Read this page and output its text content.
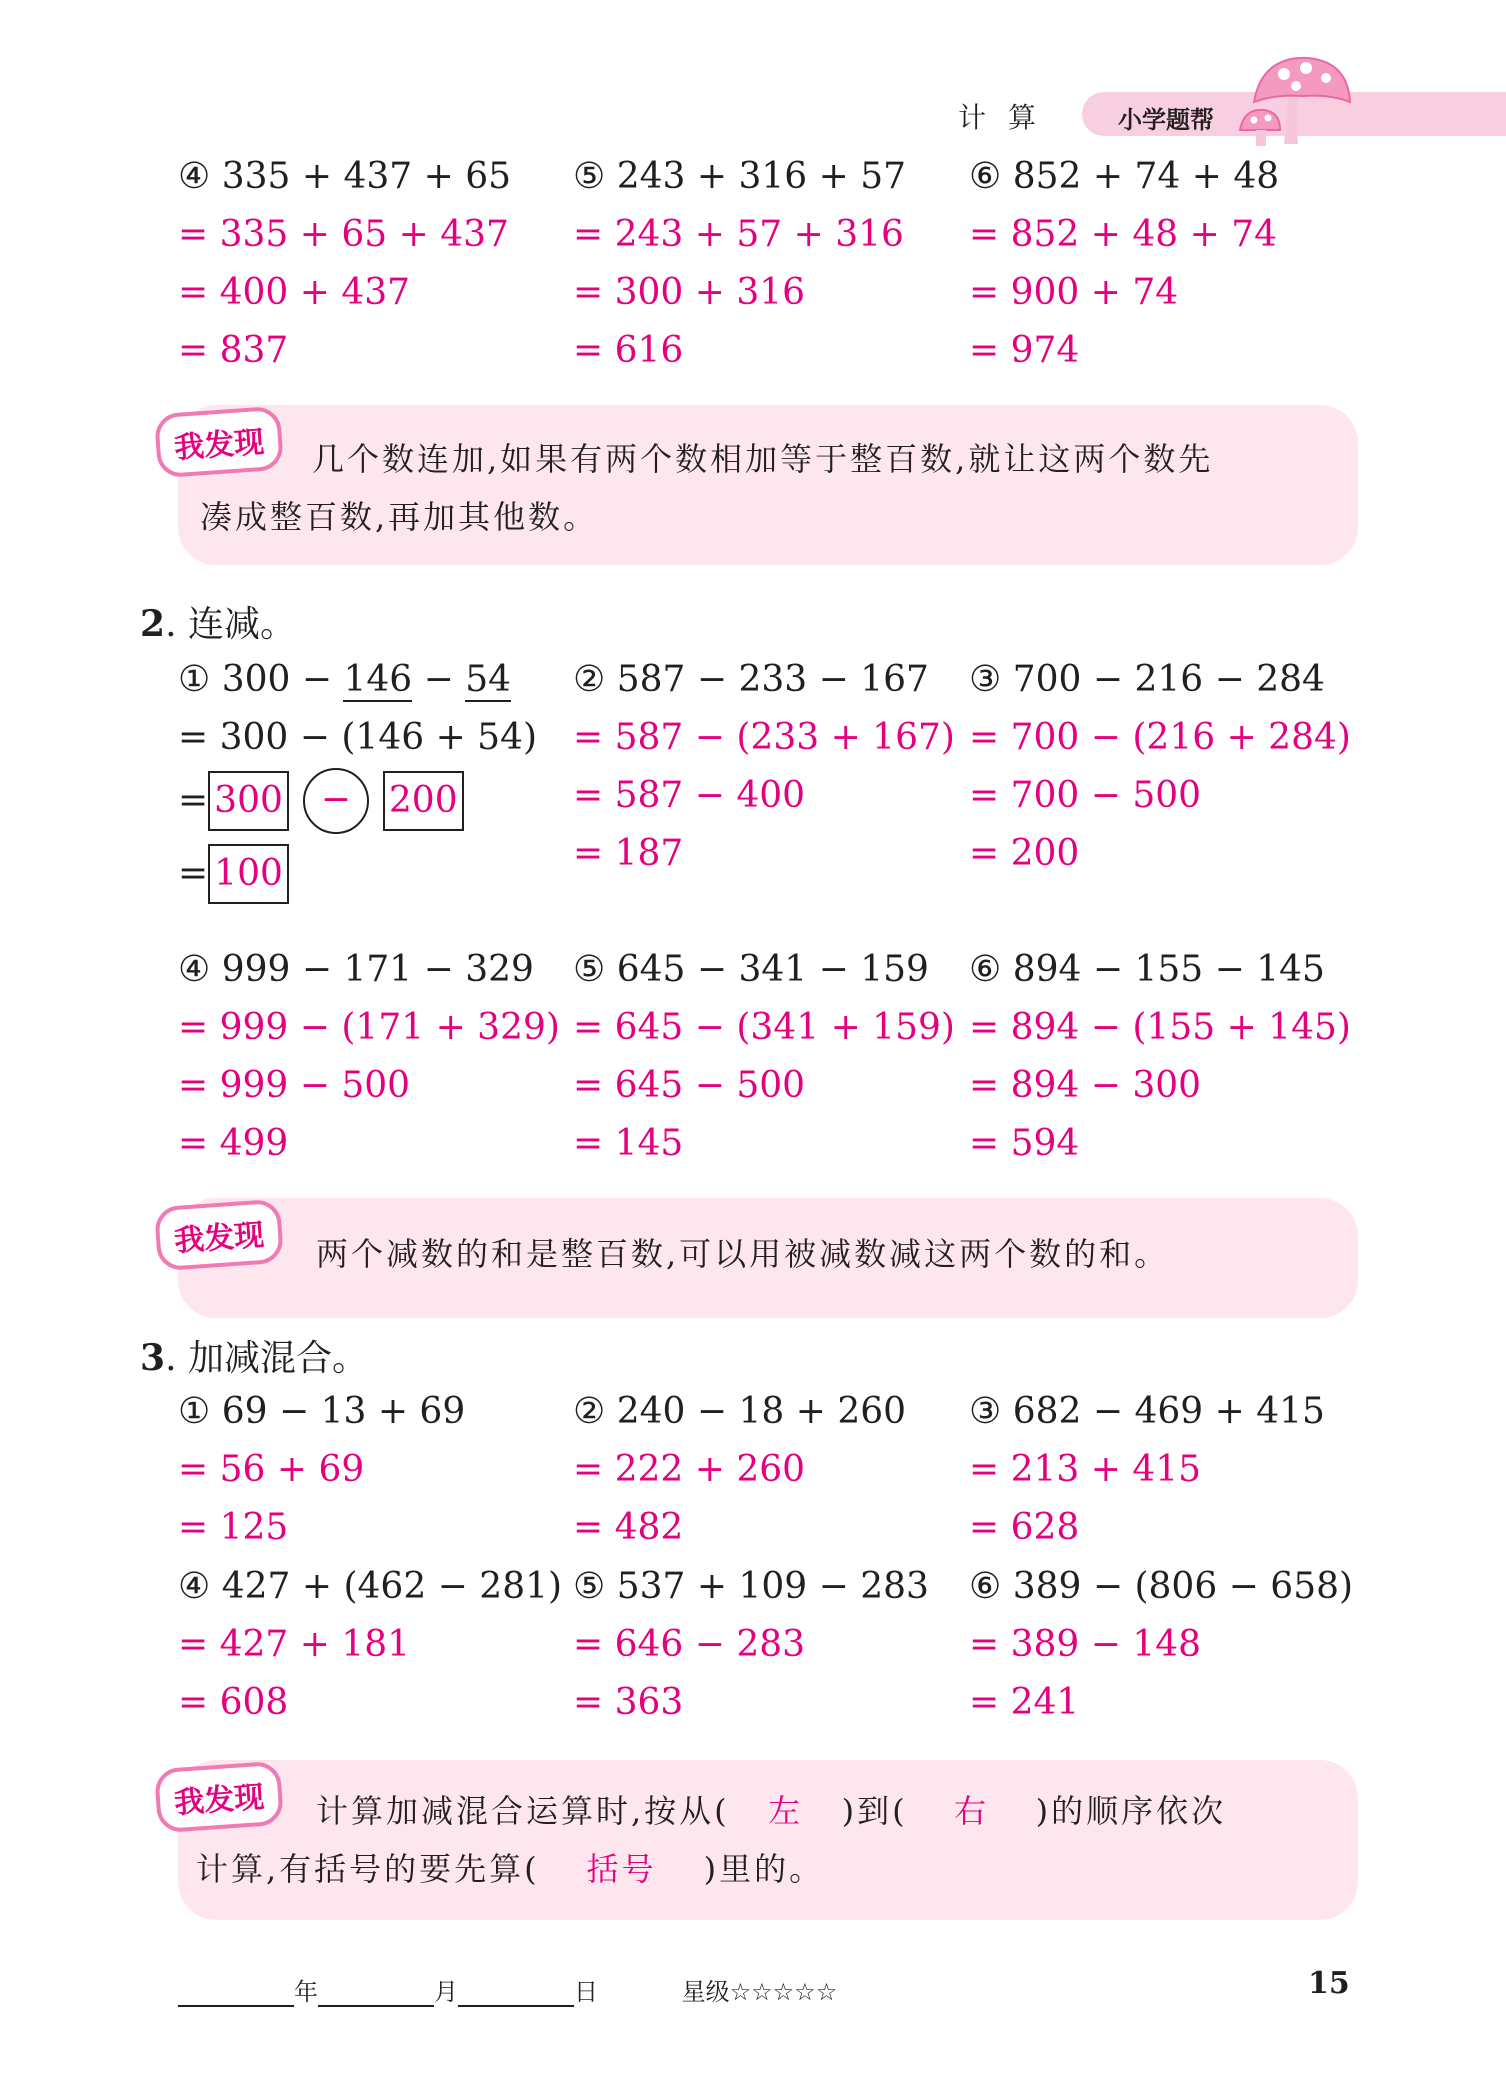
计算 小学题帮
④ 335 + 437 + 65
= 335 + 65 + 437
= 400 + 437
= 837
⑤ 243 + 316 + 57
= 243 + 57 + 316
= 300 + 316
= 616
⑥ 852 + 74 + 48
= 852 + 48 + 74
= 900 + 74
= 974
我发现	几个数连加,如果有两个数相加等于整百数,就让这两个数先
凑成整百数,再加其他数。
2. 连减。
① 300 − 146 − 54
= 300 − (146 + 54)
= 300	−	200
= 100
② 587 − 233 − 167
= 587 − (233 + 167)
= 587 − 400
= 187
③ 700 − 216 − 284
= 700 − (216 + 284)
= 700 − 500
= 200
④ 999 − 171 − 329
= 999 − (171 + 329)
= 999 − 500
= 499
⑤ 645 − 341 − 159
= 645 − (341 + 159)
= 645 − 500
= 145
⑥ 894 − 155 − 145
= 894 − (155 + 145)
= 894 − 300
= 594
我发现	两个减数的和是整百数,可以用被减数减这两个数的和。
3. 加减混合。
① 69 − 13 + 69
= 56 + 69
= 125
② 240 − 18 + 260
= 222 + 260
= 482
③ 682 − 469 + 415
= 213 + 415
= 628
④ 427 + (462 − 281)
= 427 + 181
= 608
⑤ 537 + 109 − 283
= 646 − 283
= 363
⑥ 389 − (806 − 658)
= 389 − 148
= 241
我发现	计算加减混合运算时,按从( 左 )到( 右 )的顺序依次
计算,有括号的要先算( 括号 )里的。
年	月	日	星级☆☆☆☆☆	15
